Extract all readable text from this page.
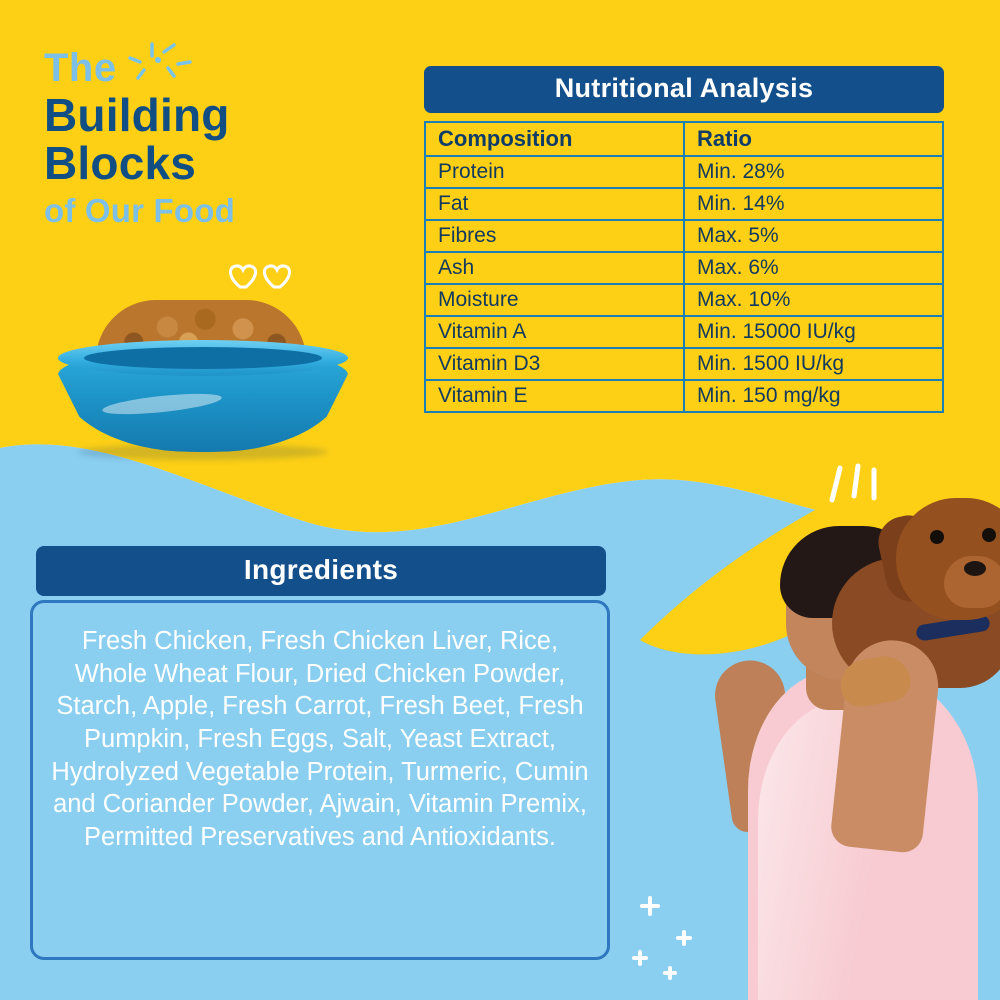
The
Building
Blocks
of Our Food
Nutritional Analysis
Composition	Ratio
Protein	Min. 28%
Fat	Min. 14%
Fibres	Max. 5%
Ash	Max. 6%
Moisture	Max. 10%
Vitamin A	Min. 15000 IU/kg
Vitamin D3	Min. 1500 IU/kg
Vitamin E	Min. 150 mg/kg
Ingredients
Fresh Chicken, Fresh Chicken Liver, Rice, Whole Wheat Flour, Dried Chicken Powder, Starch, Apple, Fresh Carrot, Fresh Beet, Fresh Pumpkin, Fresh Eggs, Salt, Yeast Extract, Hydrolyzed Vegetable Protein, Turmeric, Cumin and Coriander Powder, Ajwain, Vitamin Premix, Permitted Preservatives and Antioxidants.
